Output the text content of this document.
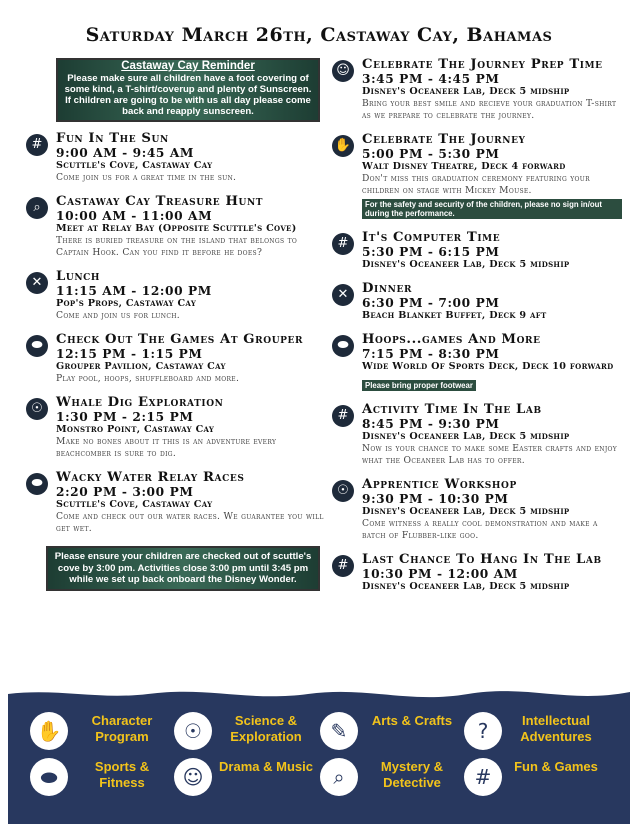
Saturday March 26th, Castaway Cay, Bahamas
Castaway Cay Reminder
Please make sure all children have a foot covering of some kind, a T-shirt/coverup and plenty of Sunscreen. If children are going to be with us all day please come back and reapply sunscreen.
#	Fun In The Sun
9:00 AM - 9:45 AM
Scuttle's Cove, Castaway Cay
Come join us for a great time in the sun.
⌕	Castaway Cay Treasure Hunt
10:00 AM - 11:00 AM
Meet at Relay Bay (Opposite Scuttle's Cove)
There is buried treasure on the island that belongs to Captain Hook. Can you find it before he does?
✕	Lunch
11:15 AM - 12:00 PM
Pop's Props, Castaway Cay
Come and join us for lunch.
⬬	Check Out The Games At Grouper
12:15 PM - 1:15 PM
Grouper Pavilion, Castaway Cay
Play pool, hoops, shuffleboard and more.
☉ Whale Dig Exploration
1:30 PM - 2:15 PM
Monstro Point, Castaway Cay
Make no bones about it this is an adventure every beachcomber is sure to dig.
⬬	Wacky Water Relay Races
2:20 PM - 3:00 PM
Scuttle's Cove, Castaway Cay
Come and check out our water races. We guarantee you will get wet.
Please ensure your children are checked out of scuttle's cove by 3:00 pm. Activities close 3:00 pm until 3:45 pm while we set up back onboard the Disney Wonder.
☺ Celebrate The Journey Prep Time
3:45 PM - 4:45 PM
Disney's Oceaneer Lab, Deck 5 midship
Bring your best smile and recieve your graduation T-shirt as we prepare to celebrate the journey.
✋ Celebrate The Journey
5:00 PM - 5:30 PM
Walt Disney Theatre, Deck 4 forward
Don't miss this graduation ceremony featuring your children on stage with Mickey Mouse.
For the safety and security of the children, please no sign in/out during the performance.
#	It's Computer Time
5:30 PM - 6:15 PM
Disney's Oceaneer Lab, Deck 5 midship
✕	Dinner
6:30 PM - 7:00 PM
Beach Blanket Buffet, Deck 9 aft
⬬	Hoops...games And More
7:15 PM - 8:30 PM
Wide World Of Sports Deck, Deck 10 forward
Please bring proper footwear
#	Activity Time In The Lab
8:45 PM - 9:30 PM
Disney's Oceaneer Lab, Deck 5 midship
Now is your chance to make some Easter crafts and enjoy what the Oceaneer Lab has to offer.
☉ Apprentice Workshop
9:30 PM - 10:30 PM
Disney's Oceaneer Lab, Deck 5 midship
Come witness a really cool demonstration and make a batch of Flubber-like goo.
#	Last Chance To Hang In The Lab
10:30 PM - 12:00 AM
Disney's Oceaneer Lab, Deck 5 midship
✋	Character Program	☉	Science & Exploration	✎	Arts & Crafts	?	Intellectual Adventures
⬬	Sports & Fitness	☺	Drama & Music	⌕	Mystery & Detective	#	Fun & Games
